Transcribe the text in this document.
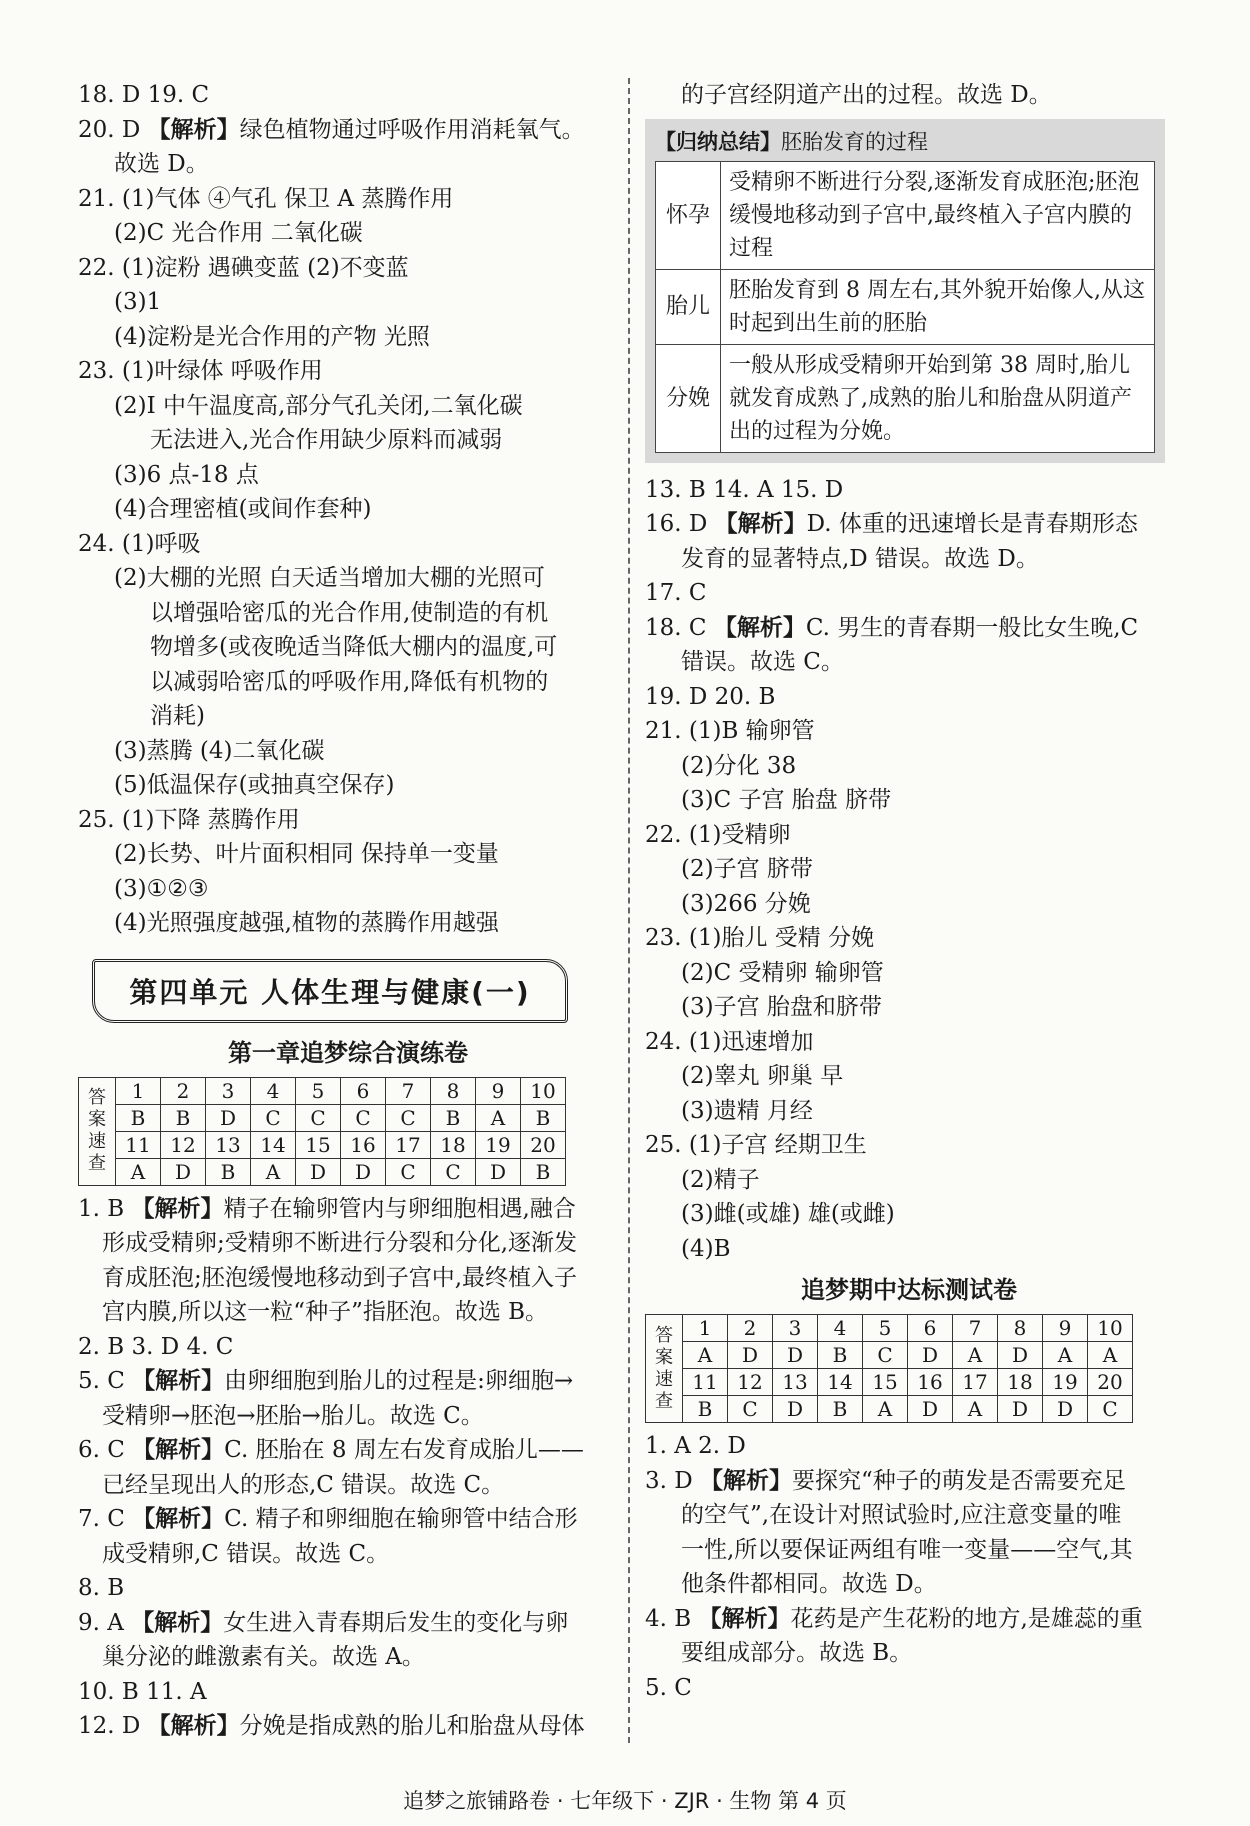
18. D 19. C
20. D 【解析】绿色植物通过呼吸作用消耗氧气。
故选 D。
21. (1)气体 ④气孔 保卫 A 蒸腾作用
(2)C 光合作用 二氧化碳
22. (1)淀粉 遇碘变蓝 (2)不变蓝
(3)1
(4)淀粉是光合作用的产物 光照
23. (1)叶绿体 呼吸作用
(2)Ⅰ 中午温度高,部分气孔关闭,二氧化碳
无法进入,光合作用缺少原料而减弱
(3)6 点-18 点
(4)合理密植(或间作套种)
24. (1)呼吸
(2)大棚的光照 白天适当增加大棚的光照可
以增强哈密瓜的光合作用,使制造的有机
物增多(或夜晚适当降低大棚内的温度,可
以减弱哈密瓜的呼吸作用,降低有机物的
消耗)
(3)蒸腾 (4)二氧化碳
(5)低温保存(或抽真空保存)
25. (1)下降 蒸腾作用
(2)长势、叶片面积相同 保持单一变量
(3)①②③
(4)光照强度越强,植物的蒸腾作用越强
第四单元 人体生理与健康(一)
第一章追梦综合演练卷
答
案
速
查	1	2	3	4	5	6	7	8	9	10
	B	B	D	C	C	C	C	B	A	B
	11	12	13	14	15	16	17	18	19	20
	A	D	B	A	D	D	C	C	D	B
1. B 【解析】精子在输卵管内与卵细胞相遇,融合
形成受精卵;受精卵不断进行分裂和分化,逐渐发
育成胚泡;胚泡缓慢地移动到子宫中,最终植入子
宫内膜,所以这一粒“种子”指胚泡。故选 B。
2. B 3. D 4. C
5. C 【解析】由卵细胞到胎儿的过程是:卵细胞→
受精卵→胚泡→胚胎→胎儿。故选 C。
6. C 【解析】C. 胚胎在 8 周左右发育成胎儿——
已经呈现出人的形态,C 错误。故选 C。
7. C 【解析】C. 精子和卵细胞在输卵管中结合形
成受精卵,C 错误。故选 C。
8. B
9. A 【解析】女生进入青春期后发生的变化与卵
巢分泌的雌激素有关。故选 A。
10. B 11. A
12. D 【解析】分娩是指成熟的胎儿和胎盘从母体
的子宫经阴道产出的过程。故选 D。
【归纳总结】胚胎发育的过程
怀孕	受精卵不断进行分裂,逐渐发育成胚泡;胚泡缓慢地移动到子宫中,最终植入子宫内膜的过程
胎儿	胚胎发育到 8 周左右,其外貌开始像人,从这时起到出生前的胚胎
分娩	一般从形成受精卵开始到第 38 周时,胎儿就发育成熟了,成熟的胎儿和胎盘从阴道产出的过程为分娩。
13. B 14. A 15. D
16. D 【解析】D. 体重的迅速增长是青春期形态
发育的显著特点,D 错误。故选 D。
17. C
18. C 【解析】C. 男生的青春期一般比女生晚,C
错误。故选 C。
19. D 20. B
21. (1)B 输卵管
(2)分化 38
(3)C 子宫 胎盘 脐带
22. (1)受精卵
(2)子宫 脐带
(3)266 分娩
23. (1)胎儿 受精 分娩
(2)C 受精卵 输卵管
(3)子宫 胎盘和脐带
24. (1)迅速增加
(2)睾丸 卵巢 早
(3)遗精 月经
25. (1)子宫 经期卫生
(2)精子
(3)雌(或雄) 雄(或雌)
(4)B
追梦期中达标测试卷
答
案
速
查	1	2	3	4	5	6	7	8	9	10
	A	D	D	B	C	D	A	D	A	A
	11	12	13	14	15	16	17	18	19	20
	B	C	D	B	A	D	A	D	D	C
1. A 2. D
3. D 【解析】要探究“种子的萌发是否需要充足
的空气”,在设计对照试验时,应注意变量的唯
一性,所以要保证两组有唯一变量——空气,其
他条件都相同。故选 D。
4. B 【解析】花药是产生花粉的地方,是雄蕊的重
要组成部分。故选 B。
5. C
追梦之旅铺路卷 · 七年级下 · ZJR · 生物 第 4 页
